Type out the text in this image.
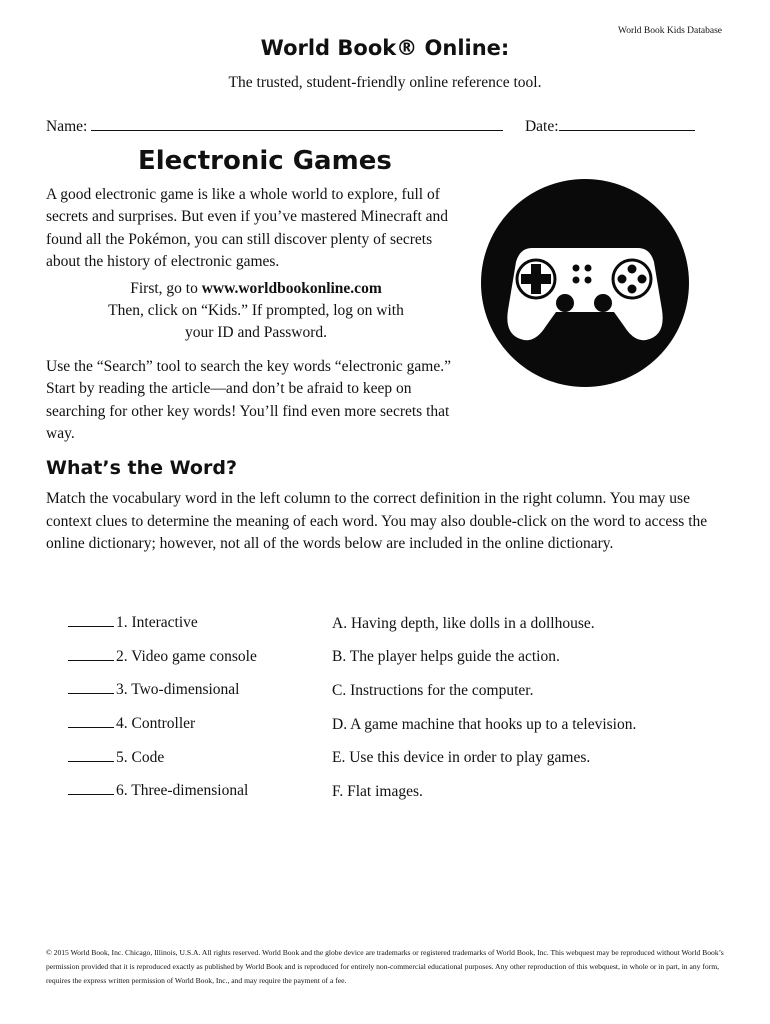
World Book Kids Database
World Book® Online:
The trusted, student-friendly online reference tool.
Name:	Date:
Electronic Games
A good electronic game is like a whole world to explore, full of secrets and surprises. But even if you’ve mastered Minecraft and found all the Pokémon, you can still discover plenty of secrets about the history of electronic games.
First, go to www.worldbookonline.com
Then, click on “Kids.” If prompted, log on with
your ID and Password.
Use the “Search” tool to search the key words “electronic game.” Start by reading the article—and don’t be afraid to keep on searching for other key words! You’ll find even more secrets that way.
What’s the Word?
Match the vocabulary word in the left column to the correct definition in the right column. You may use context clues to determine the meaning of each word. You may also double-click on the word to access the online dictionary; however, not all of the words below are included in the online dictionary.
1. Interactive
2. Video game console
3. Two-dimensional
4. Controller
5. Code
6. Three-dimensional
A. Having depth, like dolls in a dollhouse.
B. The player helps guide the action.
C. Instructions for the computer.
D. A game machine that hooks up to a television.
E. Use this device in order to play games.
F. Flat images.
© 2015 World Book, Inc. Chicago, Illinois, U.S.A. All rights reserved. World Book and the globe device are trademarks or registered trademarks of World Book, Inc. This webquest may be reproduced without World Book’s permission provided that it is reproduced exactly as published by World Book and is reproduced for entirely non-commercial educational purposes. Any other reproduction of this webquest, in whole or in part, in any form, requires the express written permission of World Book, Inc., and may require the payment of a fee.
